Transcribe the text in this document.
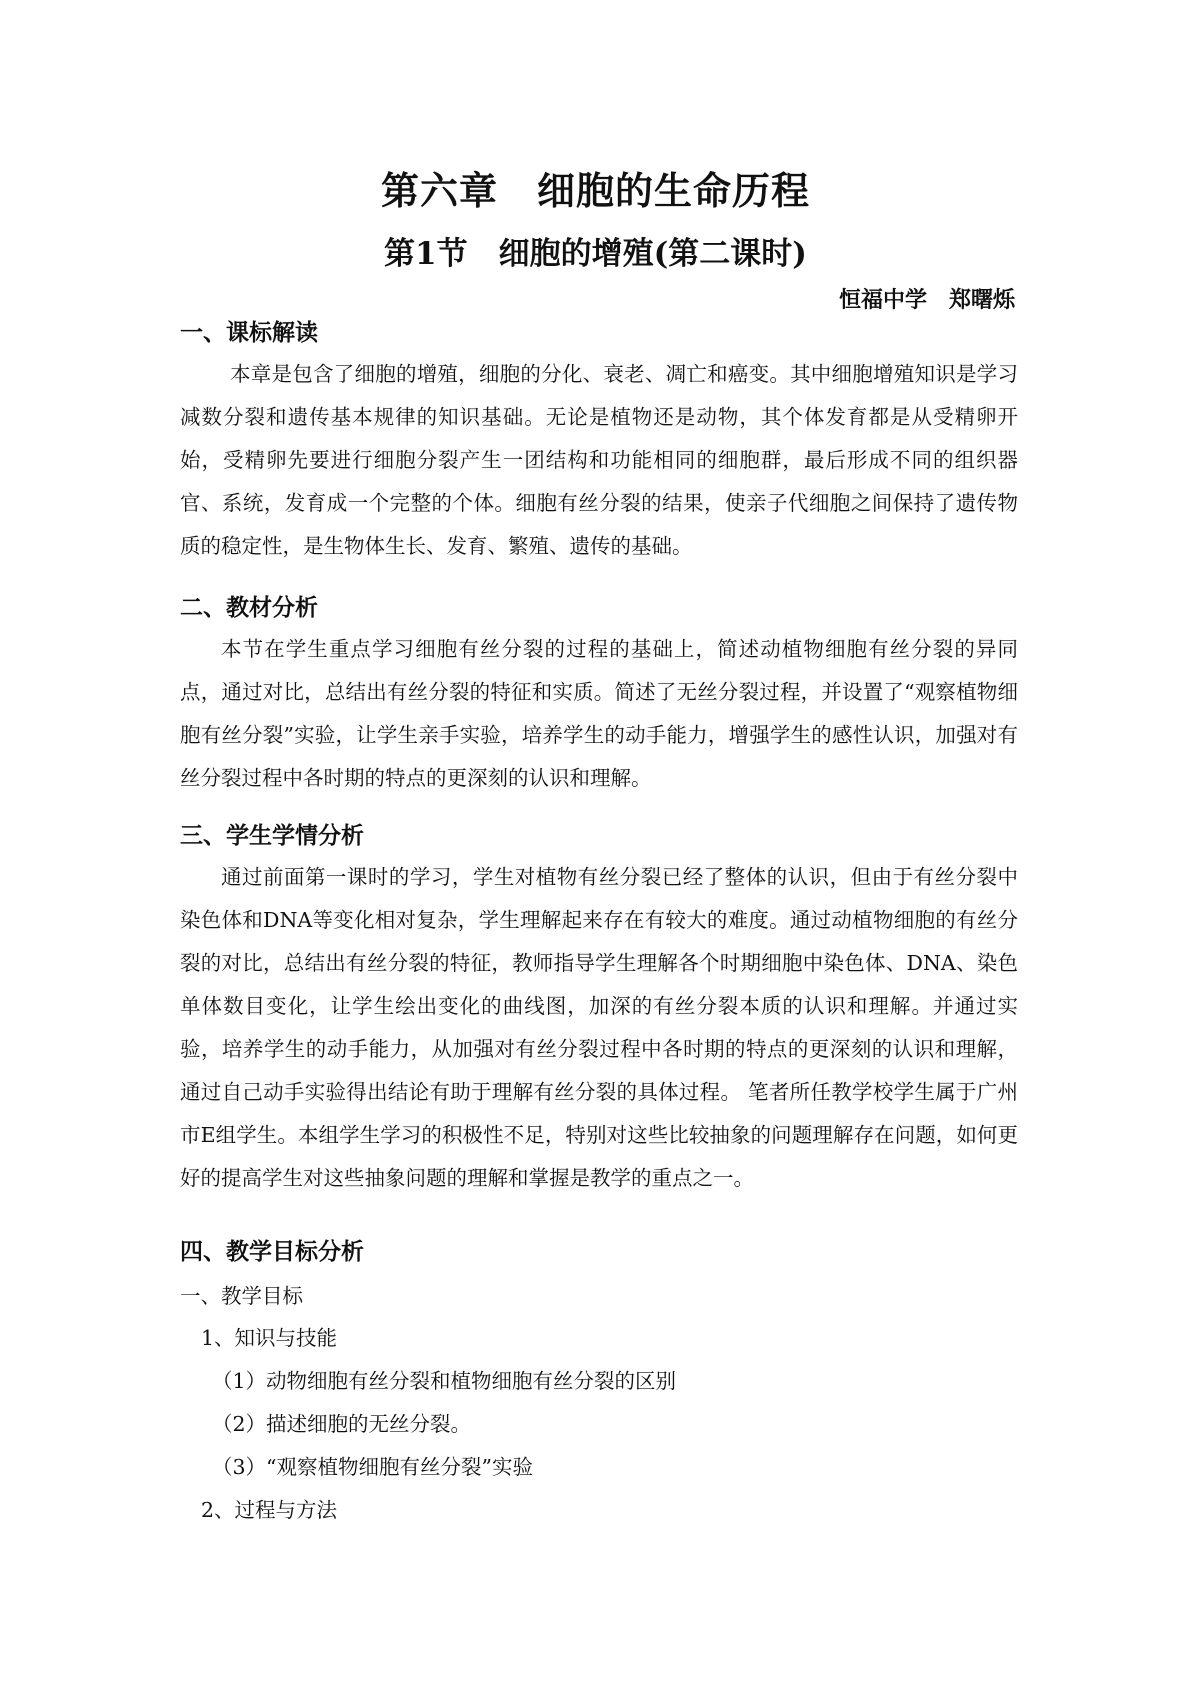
第六章　细胞的生命历程
第1节　细胞的增殖(第二课时)
恒福中学　郑曙烁
一、课标解读

本章是包含了细胞的增殖，细胞的分化、衰老、凋亡和癌变。其中细胞增殖知识是学习减数分裂和遗传基本规律的知识基础。无论是植物还是动物，其个体发育都是从受精卵开始，受精卵先要进行细胞分裂产生一团结构和功能相同的细胞群，最后形成不同的组织器官、系统，发育成一个完整的个体。细胞有丝分裂的结果，使亲子代细胞之间保持了遗传物质的稳定性，是生物体生长、发育、繁殖、遗传的基础。

二、教材分析

本节在学生重点学习细胞有丝分裂的过程的基础上，简述动植物细胞有丝分裂的异同点，通过对比，总结出有丝分裂的特征和实质。简述了无丝分裂过程，并设置了“观察植物细胞有丝分裂”实验，让学生亲手实验，培养学生的动手能力，增强学生的感性认识，加强对有丝分裂过程中各时期的特点的更深刻的认识和理解。

三、学生学情分析

通过前面第一课时的学习，学生对植物有丝分裂已经了整体的认识，但由于有丝分裂中染色体和DNA等变化相对复杂，学生理解起来存在有较大的难度。通过动植物细胞的有丝分裂的对比，总结出有丝分裂的特征，教师指导学生理解各个时期细胞中染色体、DNA、染色单体数目变化，让学生绘出变化的曲线图，加深的有丝分裂本质的认识和理解。并通过实验，培养学生的动手能力，从加强对有丝分裂过程中各时期的特点的更深刻的认识和理解，通过自己动手实验得出结论有助于理解有丝分裂的具体过程。 笔者所任教学校学生属于广州市E组学生。本组学生学习的积极性不足，特别对这些比较抽象的问题理解存在问题，如何更好的提高学生对这些抽象问题的理解和掌握是教学的重点之一。

四、教学目标分析
一、教学目标
1、知识与技能
（1）动物细胞有丝分裂和植物细胞有丝分裂的区别
（2）描述细胞的无丝分裂。
（3）“观察植物细胞有丝分裂”实验
2、过程与方法
